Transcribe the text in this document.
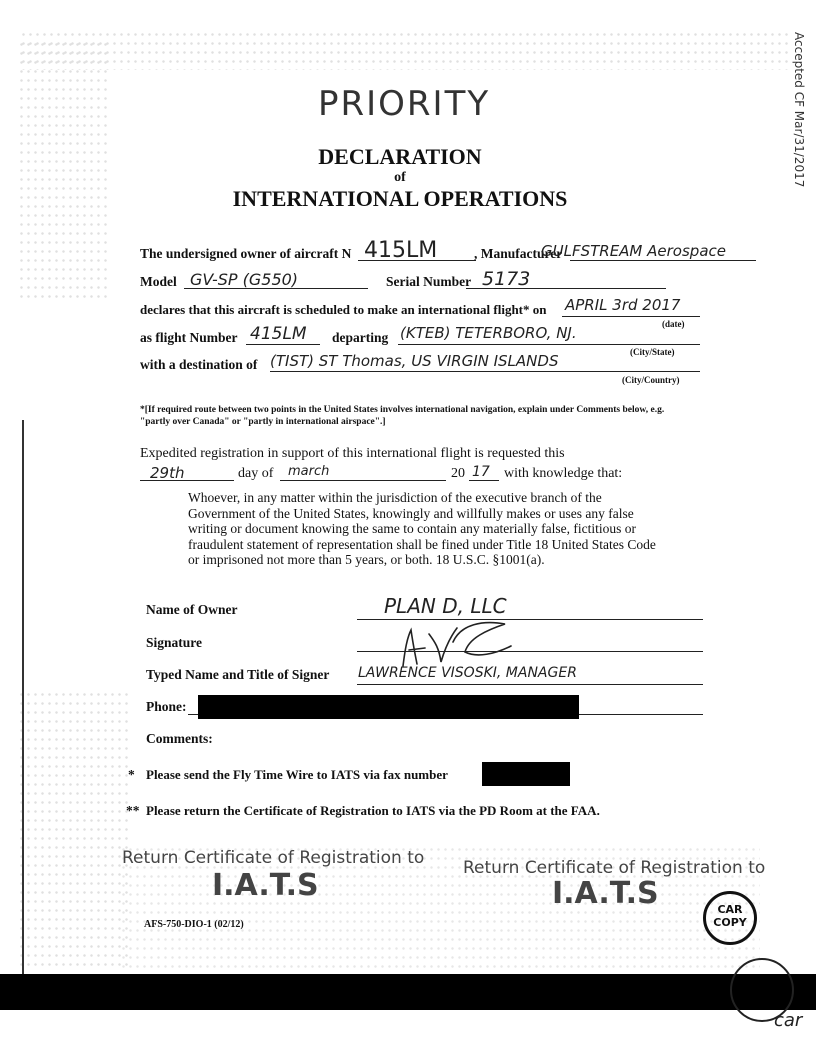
Accepted CF Mar/31/2017
PRIORITY
DECLARATION
of
INTERNATIONAL OPERATIONS
The undersigned owner of aircraft N 415LM	, Manufacturer
GULFSTREAM Aerospace
Model GV-SP (G550)	Serial Number 5173
declares that this aircraft is scheduled to make an international flight* on APRIL 3rd 2017
(date)
as flight Number 415LM departing (KTEB) TETERBORO, NJ.
(City/State)
with a destination of (TIST) ST Thomas, US VIRGIN ISLANDS
(City/Country)
*[If required route between two points in the United States involves international navigation, explain under Comments below, e.g. "partly over Canada" or "partly in international airspace".]
Expedited registration in support of this international flight is requested this
29th	day of march	20 17 with knowledge that:
Whoever, in any matter within the jurisdiction of the executive branch of the Government of the United States, knowingly and willfully makes or uses any false writing or document knowing the same to contain any materially false, fictitious or fraudulent statement of representation shall be fined under Title 18 United States Code or imprisoned not more than 5 years, or both. 18 U.S.C. §1001(a).
Name of Owner	PLAN D, LLC
Signature
Typed Name and Title of Signer LAWRENCE VISOSKI, MANAGER
Phone:
Comments:
* Please send the Fly Time Wire to IATS via fax number
** Please return the Certificate of Registration to IATS via the PD Room at the FAA.
Return Certificate of Registration to
I.A.T.S	Return Certificate of Registration to
I.A.T.S
AFS-750-DIO-1 (02/12)
CAR
COPY
car
